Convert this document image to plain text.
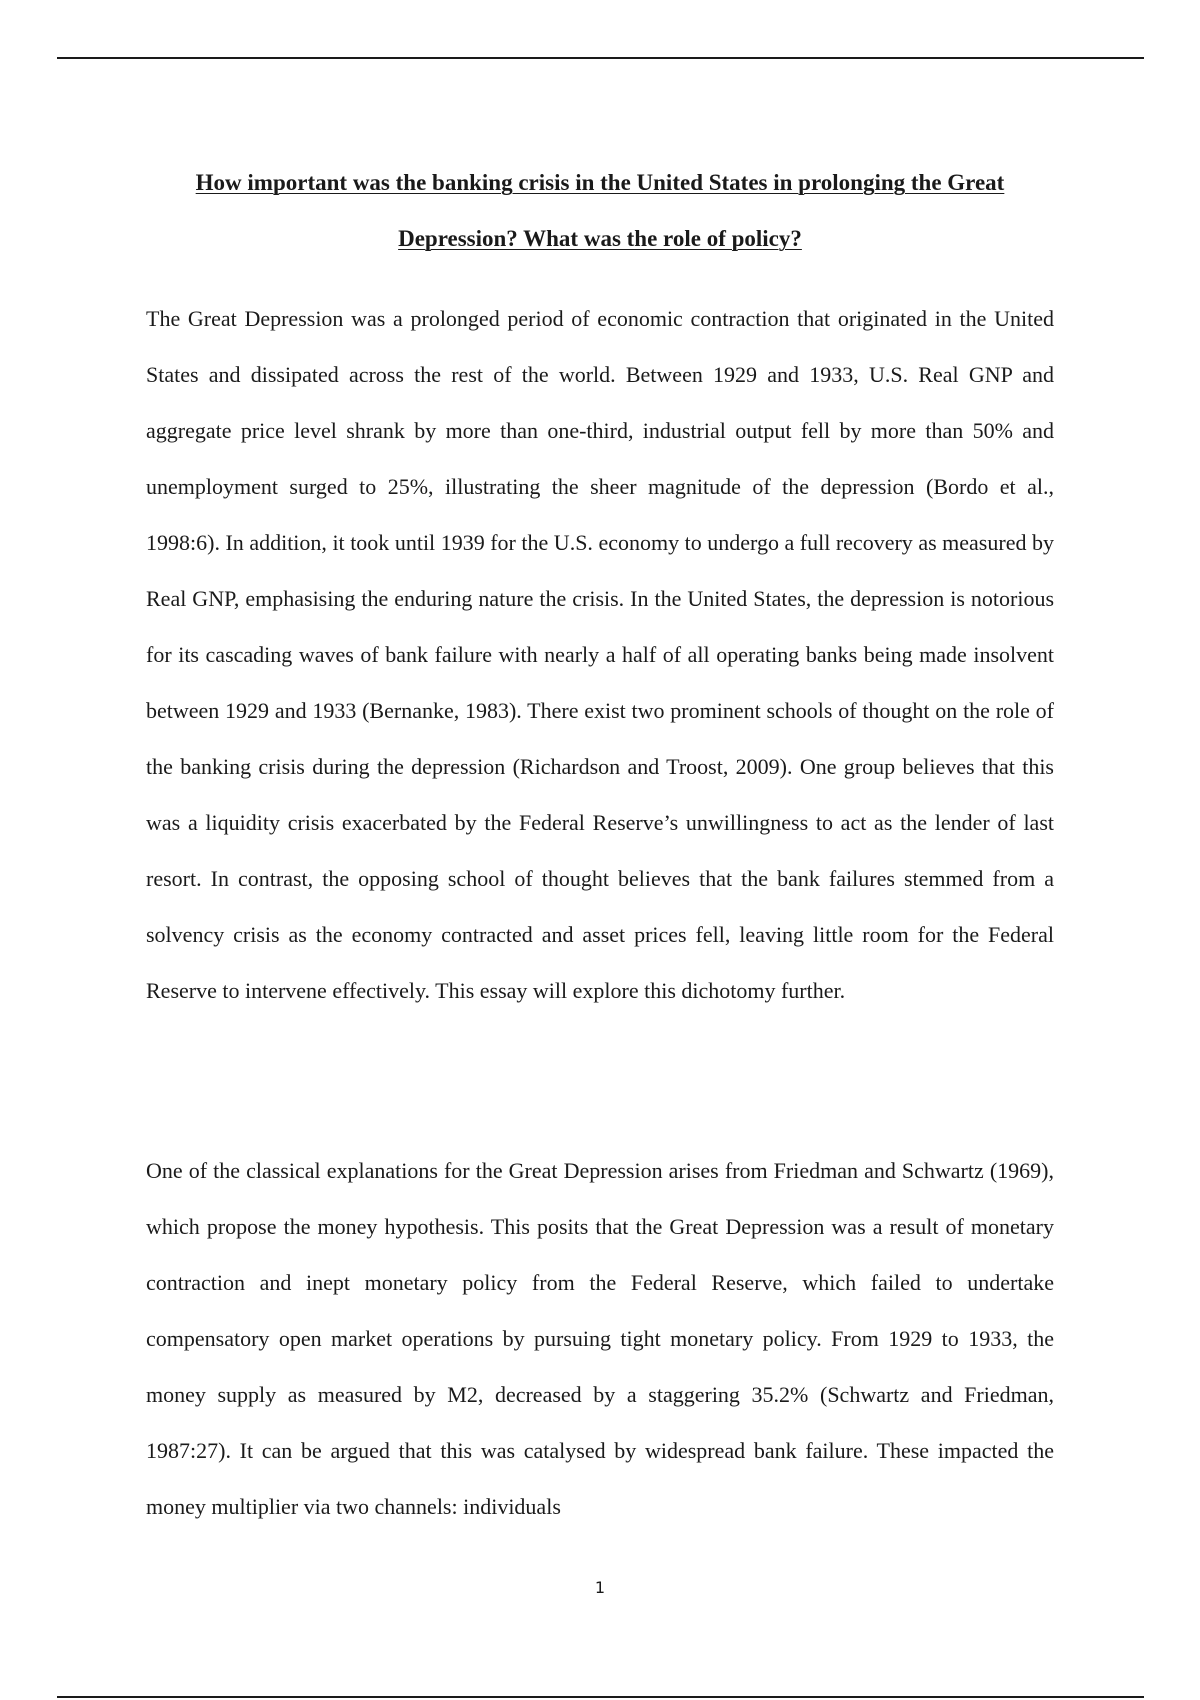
How important was the banking crisis in the United States in prolonging the Great Depression? What was the role of policy?

The Great Depression was a prolonged period of economic contraction that originated in the United States and dissipated across the rest of the world. Between 1929 and 1933, U.S. Real GNP and aggregate price level shrank by more than one-third, industrial output fell by more than 50% and unemployment surged to 25%, illustrating the sheer magnitude of the depression (Bordo et al., 1998:6). In addition, it took until 1939 for the U.S. economy to undergo a full recovery as measured by Real GNP, emphasising the enduring nature the crisis. In the United States, the depression is notorious for its cascading waves of bank failure with nearly a half of all operating banks being made insolvent between 1929 and 1933 (Bernanke, 1983). There exist two prominent schools of thought on the role of the banking crisis during the depression (Richardson and Troost, 2009). One group believes that this was a liquidity crisis exacerbated by the Federal Reserve’s unwillingness to act as the lender of last resort. In contrast, the opposing school of thought believes that the bank failures stemmed from a solvency crisis as the economy contracted and asset prices fell, leaving little room for the Federal Reserve to intervene effectively. This essay will explore this dichotomy further.

One of the classical explanations for the Great Depression arises from Friedman and Schwartz (1969), which propose the money hypothesis. This posits that the Great Depression was a result of monetary contraction and inept monetary policy from the Federal Reserve, which failed to undertake compensatory open market operations by pursuing tight monetary policy. From 1929 to 1933, the money supply as measured by M2, decreased by a staggering 35.2% (Schwartz and Friedman, 1987:27). It can be argued that this was catalysed by widespread bank failure. These impacted the money multiplier via two channels: individuals

1
